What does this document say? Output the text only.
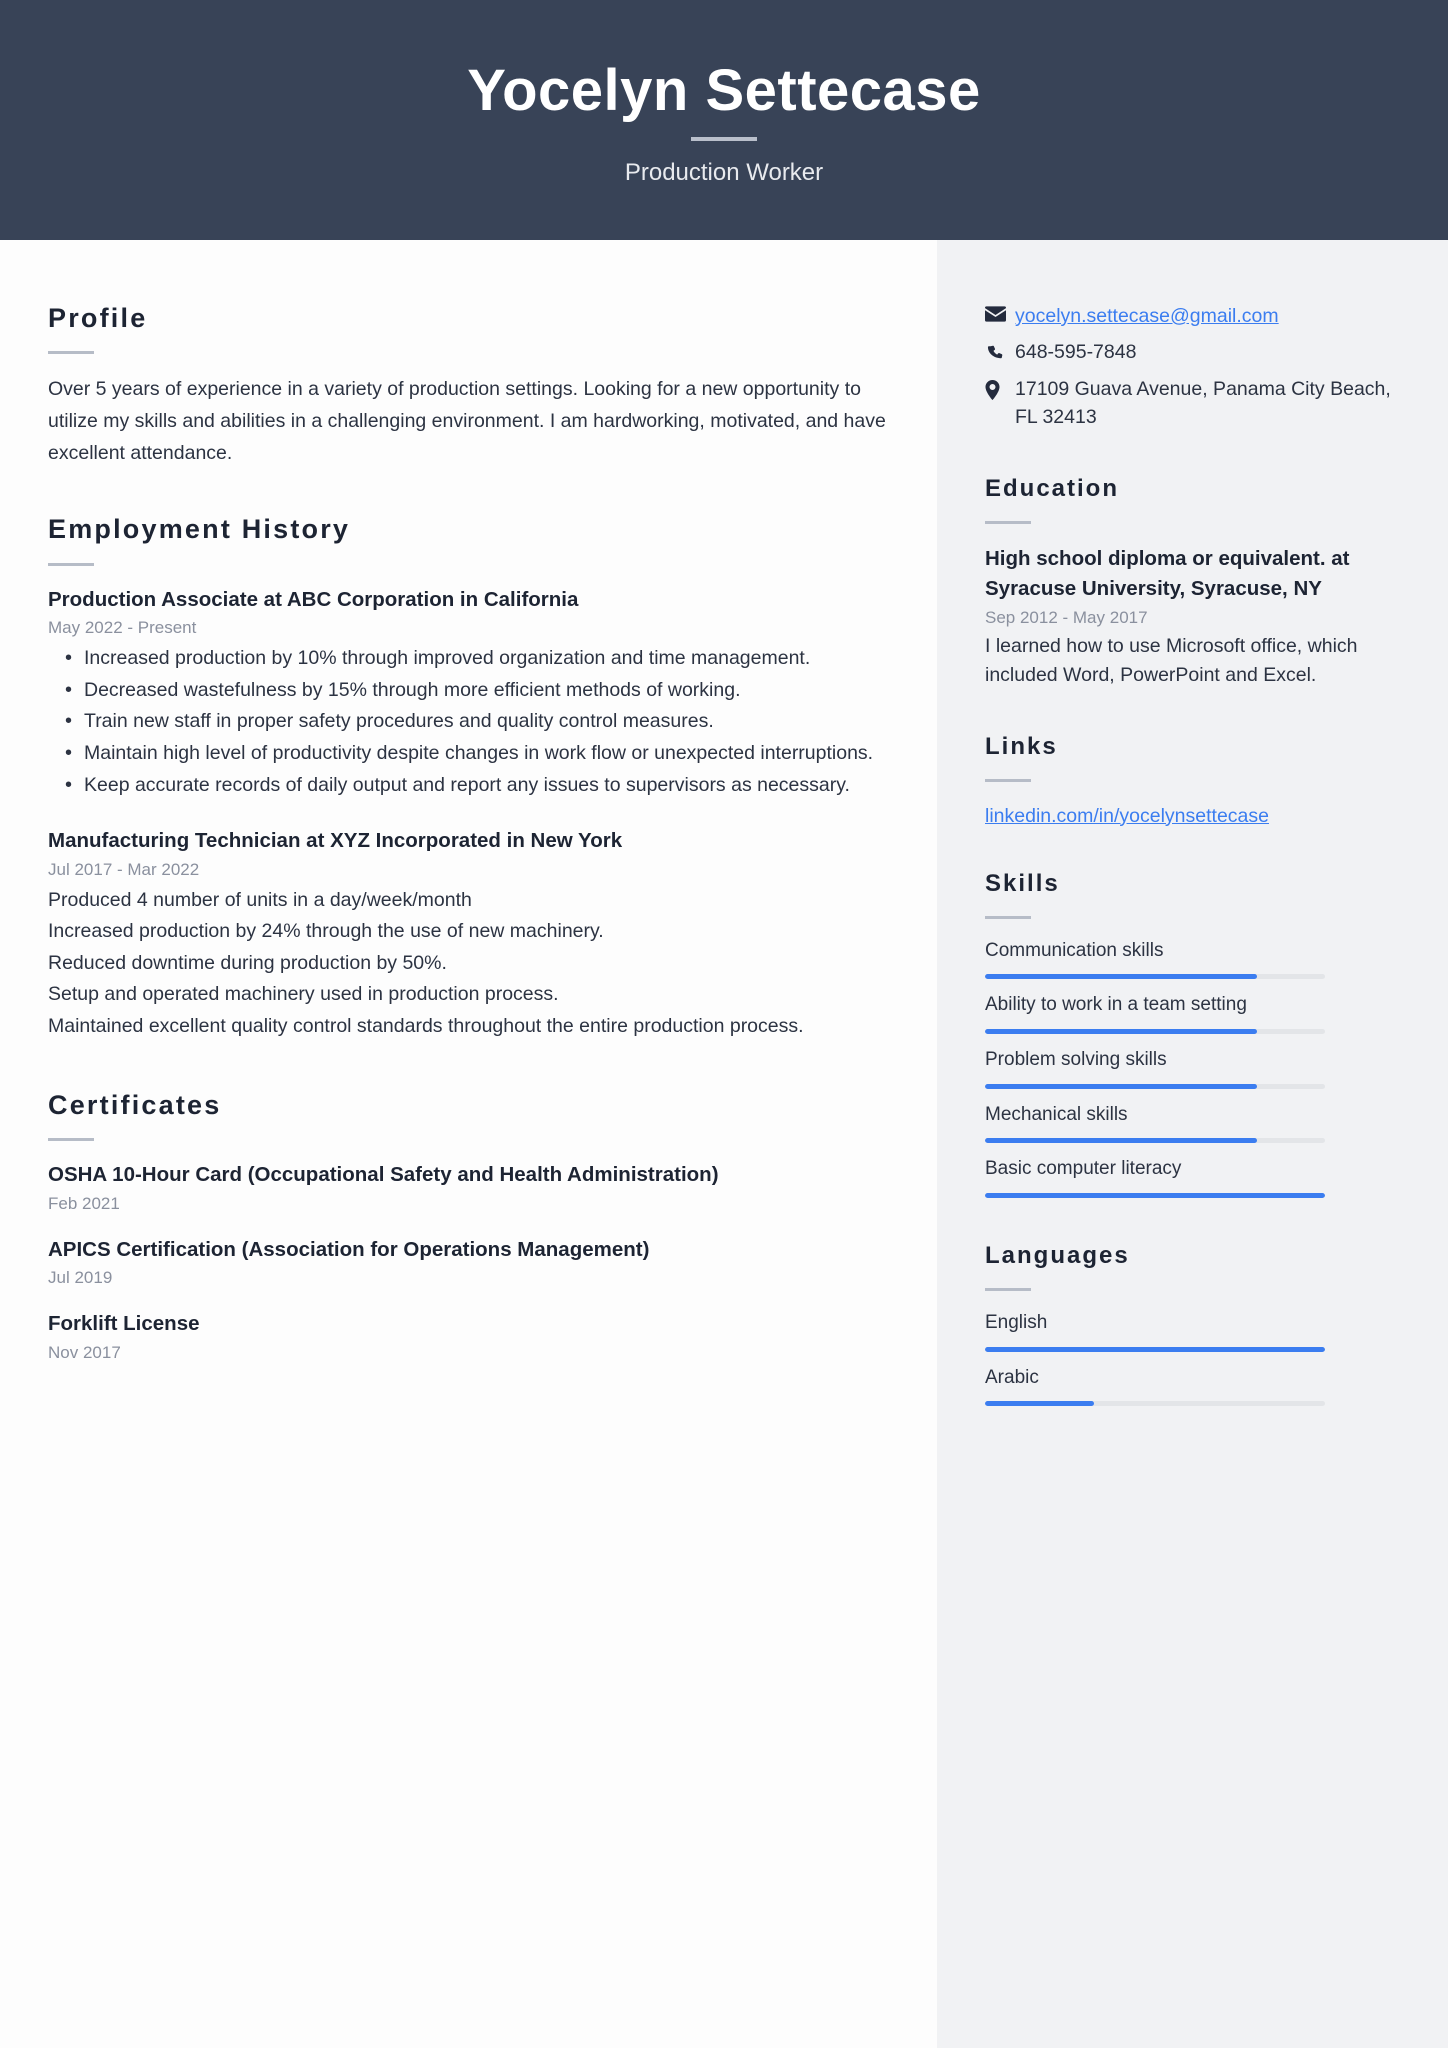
Yocelyn Settecase
Production Worker
Profile
Over 5 years of experience in a variety of production settings. Looking for a new opportunity to utilize my skills and abilities in a challenging environment. I am hardworking, motivated, and have excellent attendance.
Employment History
Production Associate at ABC Corporation in California
May 2022 - Present
• Increased production by 10% through improved organization and time management.
• Decreased wastefulness by 15% through more efficient methods of working.
• Train new staff in proper safety procedures and quality control measures.
• Maintain high level of productivity despite changes in work flow or unexpected interruptions.
• Keep accurate records of daily output and report any issues to supervisors as necessary.
Manufacturing Technician at XYZ Incorporated in New York
Jul 2017 - Mar 2022

Produced 4 number of units in a day/week/month

Increased production by 24% through the use of new machinery.

Reduced downtime during production by 50%.

Setup and operated machinery used in production process.

Maintained excellent quality control standards throughout the entire production process.

Certificates
OSHA 10-Hour Card (Occupational Safety and Health Administration)
Feb 2021
APICS Certification (Association for Operations Management)
Jul 2019
Forklift License
Nov 2017
yocelyn.settecase@gmail.com
648-595-7848
17109 Guava Avenue, Panama City Beach, FL 32413
Education
High school diploma or equivalent. at Syracuse University, Syracuse, NY
Sep 2012 - May 2017
I learned how to use Microsoft office, which included Word, PowerPoint and Excel.
Links
linkedin.com/in/yocelynsettecase
Skills
Communication skills
Ability to work in a team setting
Problem solving skills
Mechanical skills
Basic computer literacy
Languages
English
Arabic
